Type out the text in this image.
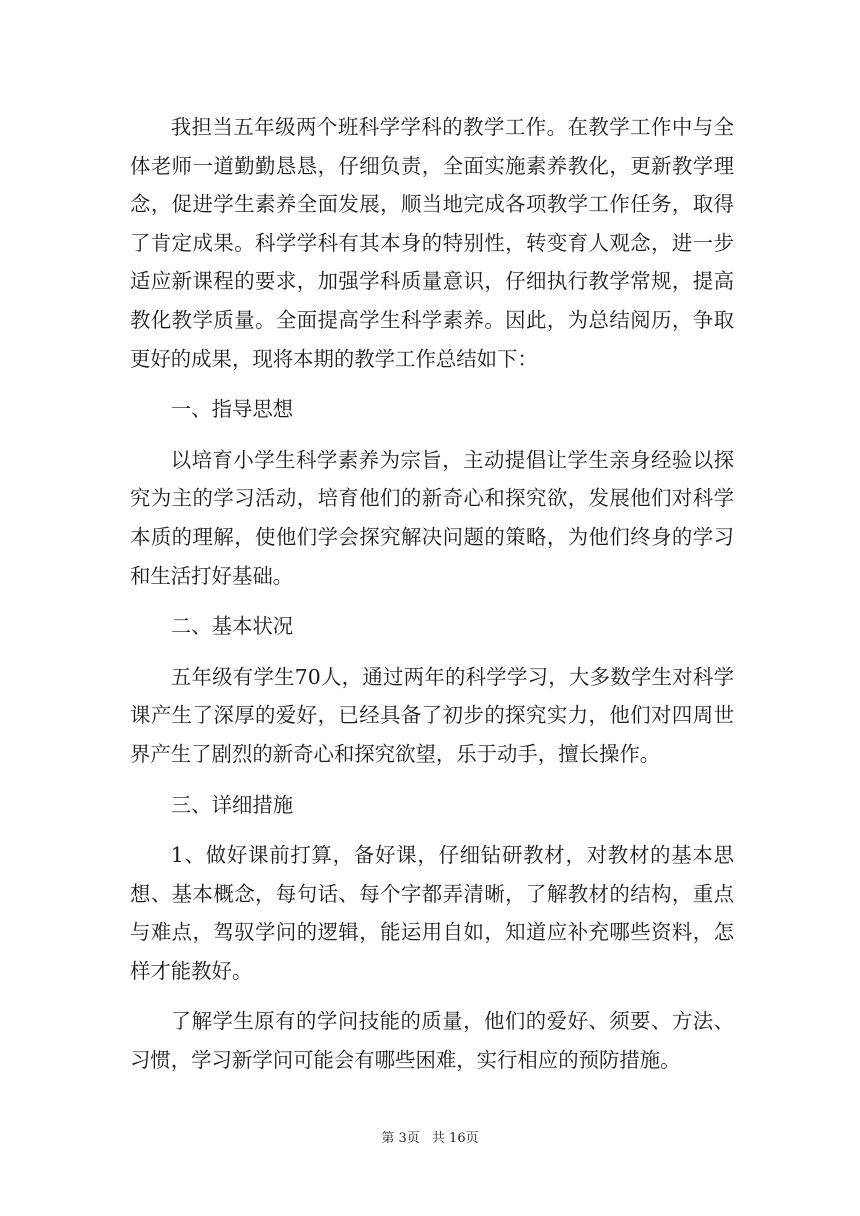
我担当五年级两个班科学学科的教学工作。在教学工作中与全体老师一道勤勤恳恳，仔细负责，全面实施素养教化，更新教学理念，促进学生素养全面发展，顺当地完成各项教学工作任务，取得了肯定成果。科学学科有其本身的特别性，转变育人观念，进一步适应新课程的要求，加强学科质量意识，仔细执行教学常规，提高教化教学质量。全面提高学生科学素养。因此，为总结阅历，争取更好的成果，现将本期的教学工作总结如下：

一、指导思想

以培育小学生科学素养为宗旨，主动提倡让学生亲身经验以探究为主的学习活动，培育他们的新奇心和探究欲，发展他们对科学本质的理解，使他们学会探究解决问题的策略，为他们终身的学习和生活打好基础。

二、基本状况

五年级有学生70人，通过两年的科学学习，大多数学生对科学课产生了深厚的爱好，已经具备了初步的探究实力，他们对四周世界产生了剧烈的新奇心和探究欲望，乐于动手，擅长操作。

三、详细措施

1、做好课前打算，备好课，仔细钻研教材，对教材的基本思想、基本概念，每句话、每个字都弄清晰，了解教材的结构，重点与难点，驾驭学问的逻辑，能运用自如，知道应补充哪些资料，怎样才能教好。

了解学生原有的学问技能的质量，他们的爱好、须要、方法、习惯，学习新学问可能会有哪些困难，实行相应的预防措施。

第 3页 共 16页
